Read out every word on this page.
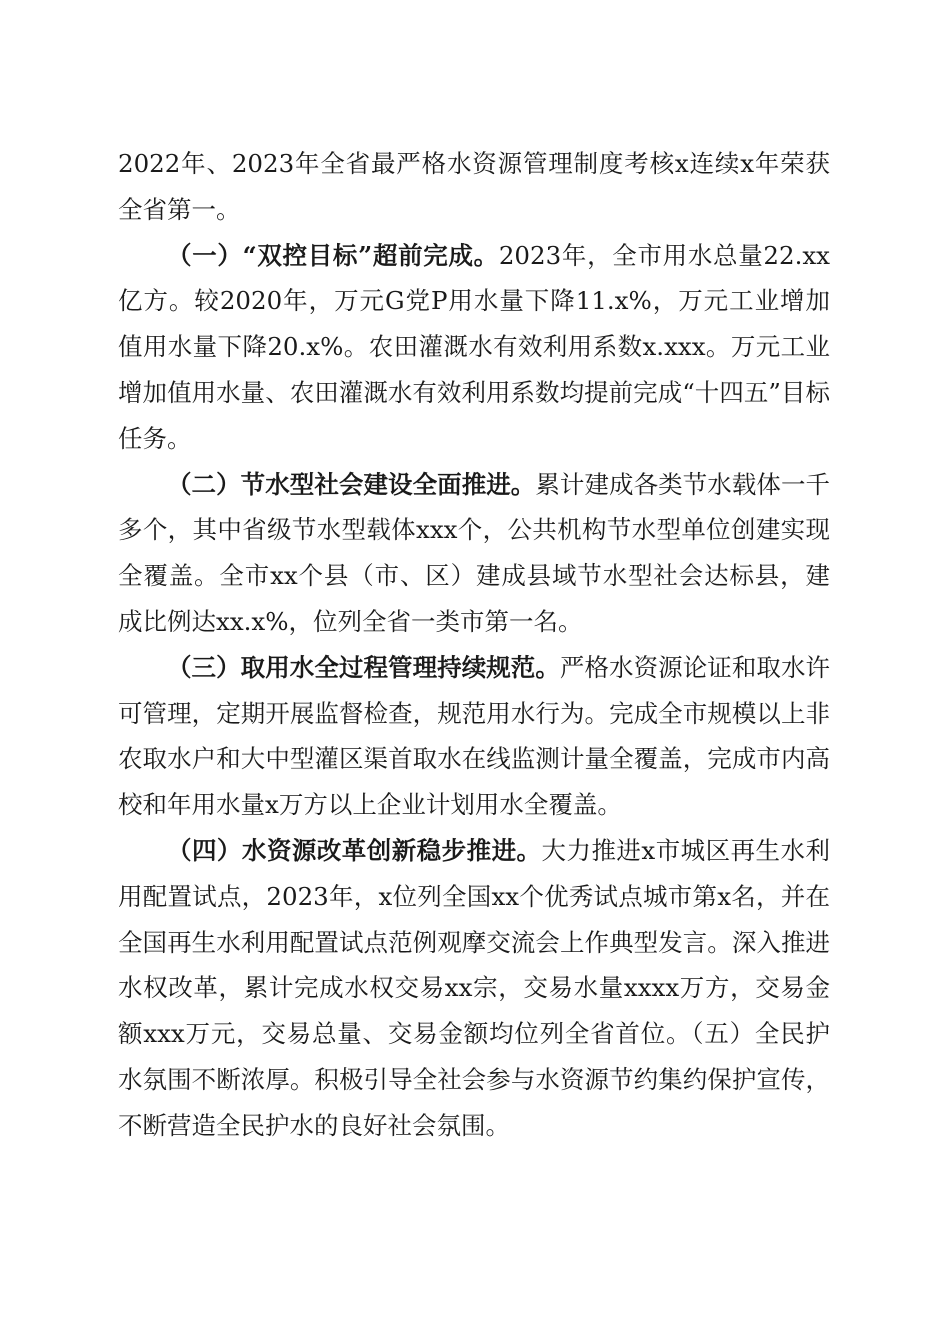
2022年、2023年全省最严格水资源管理制度考核x连续x年荣获全省第一。

（一）“双控目标”超前完成。2023年，全市用水总量22.xx亿方。较2020年，万元G党P用水量下降11.x%，万元工业增加值用水量下降20.x%。农田灌溉水有效利用系数x.xxx。万元工业增加值用水量、农田灌溉水有效利用系数均提前完成“十四五”目标任务。

（二）节水型社会建设全面推进。累计建成各类节水载体一千多个，其中省级节水型载体xxx个，公共机构节水型单位创建实现全覆盖。全市xx个县（市、区）建成县域节水型社会达标县，建成比例达xx.x%，位列全省一类市第一名。

（三）取用水全过程管理持续规范。严格水资源论证和取水许可管理，定期开展监督检查，规范用水行为。完成全市规模以上非农取水户和大中型灌区渠首取水在线监测计量全覆盖，完成市内高校和年用水量x万方以上企业计划用水全覆盖。

（四）水资源改革创新稳步推进。大力推进x市城区再生水利用配置试点，2023年，x位列全国xx个优秀试点城市第x名，并在全国再生水利用配置试点范例观摩交流会上作典型发言。深入推进水权改革，累计完成水权交易xx宗，交易水量xxxx万方，交易金额xxx万元，交易总量、交易金额均位列全省首位。（五）全民护水氛围不断浓厚。积极引导全社会参与水资源节约集约保护宣传，不断营造全民护水的良好社会氛围。
